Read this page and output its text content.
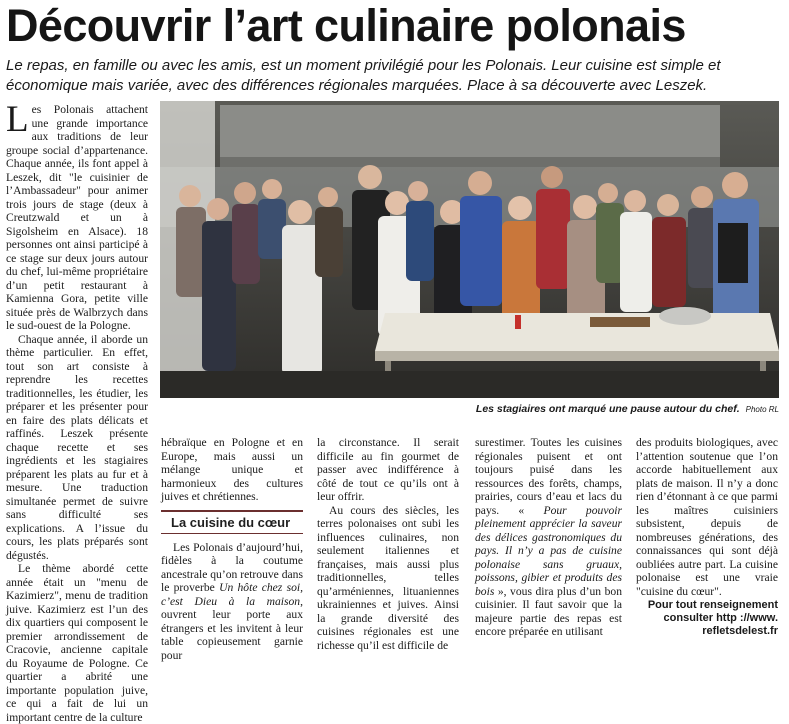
Découvrir l’art culinaire polonais

Le repas, en famille ou avec les amis, est un moment privilégié pour les Polonais. Leur cuisine est simple et économique mais variée, avec des différences régionales marquées. Place à sa découverte avec Leszek.

Les Polonais attachent une grande importance aux traditions de leur groupe social d’appartenance. Chaque année, ils font appel à Leszek, dit "le cuisinier de l’Ambassadeur" pour animer trois jours de stage (deux à Creutzwald et un à Sigolsheim en Alsace). 18 personnes ont ainsi participé à ce stage sur deux jours autour du chef, lui-même propriétaire d’un petit restaurant à Kamienna Gora, petite ville située près de Walbrzych dans le sud-ouest de la Pologne.

Chaque année, il aborde un thème particulier. En effet, tout son art consiste à reprendre les recettes traditionnelles, les étudier, les préparer et les présenter pour en faire des plats délicats et raffinés. Leszek présente chaque recette et ses ingrédients et les stagiaires préparent les plats au fur et à mesure. Une traduction simultanée permet de suivre sans difficulté ses explications. A l’issue du cours, les plats préparés sont dégustés.

Le thème abordé cette année était un "menu de Kazimierz", menu de tradition juive. Kazimierz est l’un des dix quartiers qui composent le premier arrondissement de Cracovie, ancienne capitale du Royaume de Pologne. Ce quartier a abrité une importante population juive, ce qui a fait de lui un important centre de la culture

Les stagiaires ont marqué une pause autour du chef. Photo RL

hébraïque en Pologne et en Europe, mais aussi un mélange unique et harmonieux des cultures juives et chrétiennes.

La cuisine du cœur

Les Polonais d’aujourd’hui, fidèles à la coutume ancestrale qu’on retrouve dans le proverbe Un hôte chez soi, c’est Dieu à la maison, ouvrent leur porte aux étrangers et les invitent à leur table copieusement garnie pour

la circonstance. Il serait difficile au fin gourmet de passer avec indifférence à côté de tout ce qu’ils ont à leur offrir.

Au cours des siècles, les terres polonaises ont subi les influences culinaires, non seulement italiennes et françaises, mais aussi plus traditionnelles, telles qu’arméniennes, lituaniennes ukrainiennes et juives. Ainsi la grande diversité des cuisines régionales est une richesse qu’il est difficile de

surestimer. Toutes les cuisines régionales puisent et ont toujours puisé dans les ressources des forêts, champs, prairies, cours d’eau et lacs du pays. « Pour pouvoir pleinement apprécier la saveur des délices gastronomiques du pays. Il n’y a pas de cuisine polonaise sans gruaux, poissons, gibier et produits des bois », vous dira plus d’un bon cuisinier. Il faut savoir que la majeure partie des repas est encore préparée en utilisant

des produits biologiques, avec l’attention soutenue que l’on accorde habituellement aux plats de maison. Il n’y a donc rien d’étonnant à ce que parmi les maîtres cuisiniers subsistent, depuis de nombreuses générations, des connaissances qui sont déjà oubliées autre part. La cuisine polonaise est une vraie "cuisine du cœur".

Pour tout renseignement consulter http ://www. refletsdelest.fr
